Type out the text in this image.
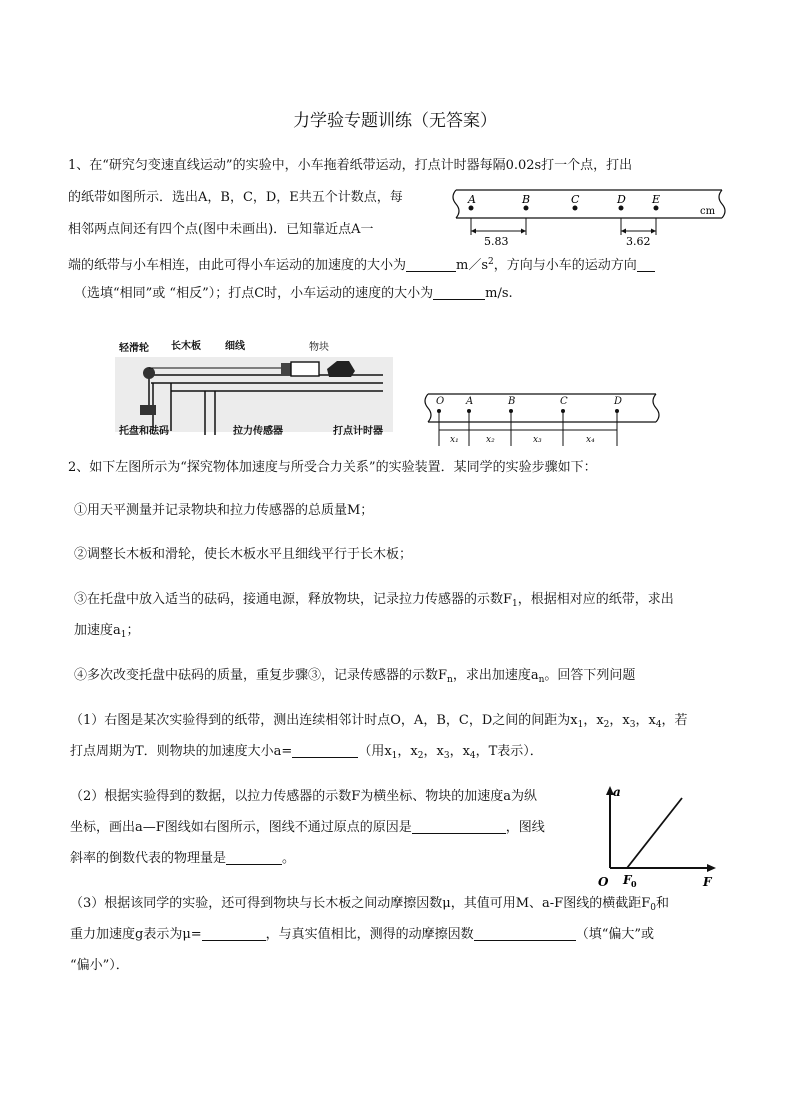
力学验专题训练（无答案）
1、在“研究匀变速直线运动”的实验中，小车拖着纸带运动，打点计时器每隔0.02s打一个点，打出
的纸带如图所示．选出A，B，C，D，E共五个计数点，每
相邻两点间还有四个点(图中未画出)．已知靠近点A一
端的纸带与小车相连，由此可得小车运动的加速度的大小为	$m/s^2$，方向与小车的运动方向
（选填“相同”或 “相反”）；打点C时，小车运动的速度的大小为	m/s.
A	B	C	D E
cm
5.83	3.62
轻滑轮 长木板 细线	物块
托盘和砝码	拉力传感器	打点计时器
O A	B	C	D
x₁	x₂	x₃	x₄
2、如下左图所示为“探究物体加速度与所受合力关系”的实验装置．某同学的实验步骤如下：
①用天平测量并记录物块和拉力传感器的总质量M；
②调整长木板和滑轮，使长木板水平且细线平行于长木板；
③在托盘中放入适当的砝码，接通电源，释放物块，记录拉力传感器的示数$F_1$，根据相对应的纸带，求出
加速度$a_1$；
④多次改变托盘中砝码的质量，重复步骤③，记录传感器的示数$F_n$，求出加速度$a_n$。回答下列问题
（1）右图是某次实验得到的纸带，测出连续相邻计时点O，A，B，C，D之间的间距为$x_1$，$x_2$，$x_3$，$x_4$，若
打点周期为T．则物块的加速度大小a=	（用$x_1$，$x_2$，$x_3$，$x_4$，T表示）．
（2）根据实验得到的数据，以拉力传感器的示数F为横坐标、物块的加速度a为纵
坐标，画出a—F图线如右图所示，图线不通过原点的原因是	，图线
斜率的倒数代表的物理量是	。
a
F
O F 0
（3）根据该同学的实验，还可得到物块与长木板之间动摩擦因数μ，其值可用M、a-F图线的横截距$F_0$和
重力加速度g表示为μ=	，与真实值相比，测得的动摩擦因数	（填“偏大”或
“偏小”）．
